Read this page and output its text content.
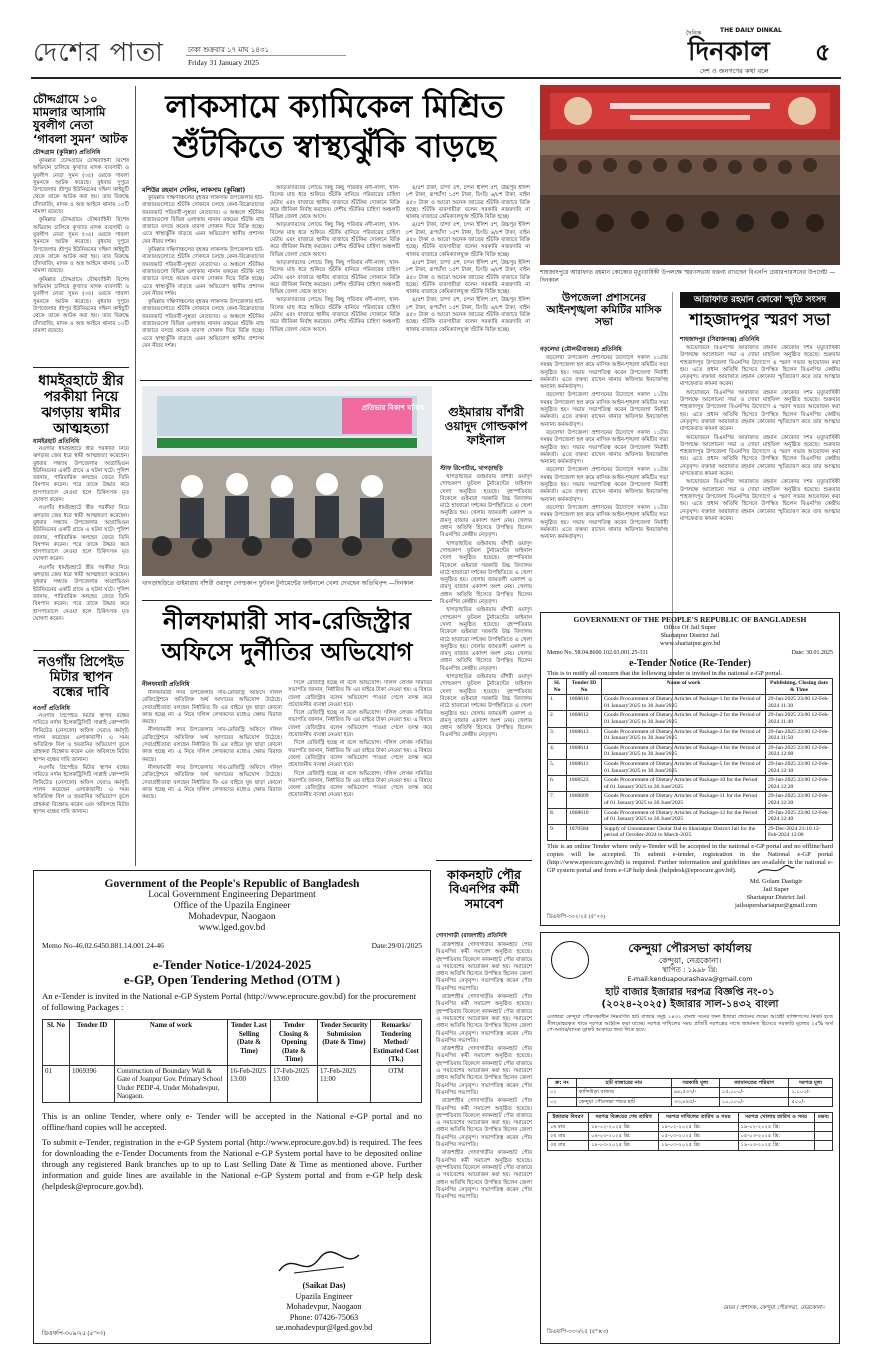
দেশের পাতা	ঢাকা শুক্রবার ১৭ মাঘ ১৪৩১
Friday 31 January 2025
দৈনিক	THE DAILY DINKAL
দিনকাল
দেশ ও জনগণের কথা বলে
৫
চৌদ্দগ্রামে ১০ মামলার আসামি যুবলীগ নেতা ‘গাবলা সুমন’ আটক
চৌদ্দগ্রাম (কুমিল্লা) প্রতিনিধি

কুমিল্লার চৌদ্দগ্রামে যৌথবাহিনী বিশেষ অভিযান চালিয়ে কুখ্যাত মাদক ব্যবসায়ী ও যুবলীগ নেতা সুমন (৩৫) ওরফে গাবলা সুমনকে আটক করেছে। বুধবার দুপুরে উপজেলার শ্রীপুর ইউনিয়নের দক্ষিণ কাইছুটি থেকে তাকে আটক করা হয়। তার বিরুদ্ধে চাঁদাবাজি, মাদক ও অস্ত্র আইনে থানায় ১০টি মামলা রয়েছে।

কুমিল্লার চৌদ্দগ্রামে যৌথবাহিনী বিশেষ অভিযান চালিয়ে কুখ্যাত মাদক ব্যবসায়ী ও যুবলীগ নেতা সুমন (৩৫) ওরফে গাবলা সুমনকে আটক করেছে। বুধবার দুপুরে উপজেলার শ্রীপুর ইউনিয়নের দক্ষিণ কাইছুটি থেকে তাকে আটক করা হয়। তার বিরুদ্ধে চাঁদাবাজি, মাদক ও অস্ত্র আইনে থানায় ১০টি মামলা রয়েছে।

কুমিল্লার চৌদ্দগ্রামে যৌথবাহিনী বিশেষ অভিযান চালিয়ে কুখ্যাত মাদক ব্যবসায়ী ও যুবলীগ নেতা সুমন (৩৫) ওরফে গাবলা সুমনকে আটক করেছে। বুধবার দুপুরে উপজেলার শ্রীপুর ইউনিয়নের দক্ষিণ কাইছুটি থেকে তাকে আটক করা হয়। তার বিরুদ্ধে চাঁদাবাজি, মাদক ও অস্ত্র আইনে থানায় ১০টি মামলা রয়েছে।

ধামইরহাটে স্ত্রীর পরকীয়া নিয়ে ঝগড়ায় স্বামীর আত্মহত্যা
ধামইরহাট প্রতিনিধি

নওগাঁর ধামইরহাটে স্ত্রীর পরকীয়া নিয়ে ঝগড়ার জের ধরে স্বামী আত্মহত্যা করেছেন। বুধবার সন্ধ্যায় উপজেলার আগ্রাদ্বিগুন ইউনিয়নের একটি গ্রামে এ ঘটনা ঘটে। পুলিশ জানায়, পারিবারিক কলহের জেরে তিনি বিষপান করেন। পরে তাকে উদ্ধার করে হাসপাতালে নেওয়া হলে চিকিৎসক মৃত ঘোষণা করেন।

নওগাঁর ধামইরহাটে স্ত্রীর পরকীয়া নিয়ে ঝগড়ার জের ধরে স্বামী আত্মহত্যা করেছেন। বুধবার সন্ধ্যায় উপজেলার আগ্রাদ্বিগুন ইউনিয়নের একটি গ্রামে এ ঘটনা ঘটে। পুলিশ জানায়, পারিবারিক কলহের জেরে তিনি বিষপান করেন। পরে তাকে উদ্ধার করে হাসপাতালে নেওয়া হলে চিকিৎসক মৃত ঘোষণা করেন।

নওগাঁর ধামইরহাটে স্ত্রীর পরকীয়া নিয়ে ঝগড়ার জের ধরে স্বামী আত্মহত্যা করেছেন। বুধবার সন্ধ্যায় উপজেলার আগ্রাদ্বিগুন ইউনিয়নের একটি গ্রামে এ ঘটনা ঘটে। পুলিশ জানায়, পারিবারিক কলহের জেরে তিনি বিষপান করেন। পরে তাকে উদ্ধার করে হাসপাতালে নেওয়া হলে চিকিৎসক মৃত ঘোষণা করেন।

নওগাঁয় প্রিপেইড মিটার স্থাপন বন্ধের দাবি
নওগাঁ প্রতিনিধি

নওগাঁয় প্রিপেইড মিটার স্থাপন বন্ধের দাবিতে নর্দান ইলেকট্রিসিটি সাপ্লাই কোম্পানি লিমিটেড (নেসকো) অফিস ঘেরাও কর্মসূচি পালন করেছেন এলাকাবাসী। এ সময় অতিরিক্ত বিল ও হয়রানির অভিযোগ তুলে গ্রাহকরা বিক্ষোভ করেন এবং অবিলম্বে মিটার স্থাপন বন্ধের দাবি জানান।

নওগাঁয় প্রিপেইড মিটার স্থাপন বন্ধের দাবিতে নর্দান ইলেকট্রিসিটি সাপ্লাই কোম্পানি লিমিটেড (নেসকো) অফিস ঘেরাও কর্মসূচি পালন করেছেন এলাকাবাসী। এ সময় অতিরিক্ত বিল ও হয়রানির অভিযোগ তুলে গ্রাহকরা বিক্ষোভ করেন এবং অবিলম্বে মিটার স্থাপন বন্ধের দাবি জানান।

লাকসামে ক্যামিকেল মিশ্রিত
শুঁটকিতে স্বাস্থ্যঝুঁকি বাড়ছে
মশিউর রহমান সেলিম, লাকসাম (কুমিল্লা)

কুমিল্লার দক্ষিণাঞ্চলের বৃহত্তর লাকসাম উপজেলার হাট-বাজারগুলোতে শুঁটকি দোকানে চলছে কেনা-বিক্রেতাদের জমজমাট পরিবর্তী-সুস্থতা নেতাদের। এ অঞ্চলে শুঁটকির বাজারগুলো বিভিন্ন এলাকায় নানান রকমের শুঁটকি মাছ বাজারে বসছে কয়েক ব্যবসা দোকান দিয়ে বিক্রি হচ্ছে। এতে স্বাস্থ্যঝুঁকি বাড়ছে এমন অভিযোগ স্থানীয় প্রশাসন যেন নীরব দর্শক।

কুমিল্লার দক্ষিণাঞ্চলের বৃহত্তর লাকসাম উপজেলার হাট-বাজারগুলোতে শুঁটকি দোকানে চলছে কেনা-বিক্রেতাদের জমজমাট পরিবর্তী-সুস্থতা নেতাদের। এ অঞ্চলে শুঁটকির বাজারগুলো বিভিন্ন এলাকায় নানান রকমের শুঁটকি মাছ বাজারে বসছে কয়েক ব্যবসা দোকান দিয়ে বিক্রি হচ্ছে। এতে স্বাস্থ্যঝুঁকি বাড়ছে এমন অভিযোগ স্থানীয় প্রশাসন যেন নীরব দর্শক।

কুমিল্লার দক্ষিণাঞ্চলের বৃহত্তর লাকসাম উপজেলার হাট-বাজারগুলোতে শুঁটকি দোকানে চলছে কেনা-বিক্রেতাদের জমজমাট পরিবর্তী-সুস্থতা নেতাদের। এ অঞ্চলে শুঁটকির বাজারগুলো বিভিন্ন এলাকায় নানান রকমের শুঁটকি মাছ বাজারে বসছে কয়েক ব্যবসা দোকান দিয়ে বিক্রি হচ্ছে। এতে স্বাস্থ্যঝুঁকি বাড়ছে এমন অভিযোগ স্থানীয় প্রশাসন যেন নীরব দর্শক।

আড়তদারদের লোভে কিছু কিছু পরিবার নদী-নালা, খাল-বিলের মাছ ধরে শুকিয়ে শুঁটকি বানিয়ে পরিবারের চাহিদা মেটায় এবং বাজারে স্থানীয় বাজারে শুঁটকির দোকানে বিক্রি করে জীবিকা নির্বাহ করছেন। দেশীয় শুঁটকির চাহিদা অঞ্চলটি বিভিন্ন জেলা থেকে আসে।

আড়তদারদের লোভে কিছু কিছু পরিবার নদী-নালা, খাল-বিলের মাছ ধরে শুকিয়ে শুঁটকি বানিয়ে পরিবারের চাহিদা মেটায় এবং বাজারে স্থানীয় বাজারে শুঁটকির দোকানে বিক্রি করে জীবিকা নির্বাহ করছেন। দেশীয় শুঁটকির চাহিদা অঞ্চলটি বিভিন্ন জেলা থেকে আসে।

আড়তদারদের লোভে কিছু কিছু পরিবার নদী-নালা, খাল-বিলের মাছ ধরে শুকিয়ে শুঁটকি বানিয়ে পরিবারের চাহিদা মেটায় এবং বাজারে স্থানীয় বাজারে শুঁটকির দোকানে বিক্রি করে জীবিকা নির্বাহ করছেন। দেশীয় শুঁটকির চাহিদা অঞ্চলটি বিভিন্ন জেলা থেকে আসে।

আড়তদারদের লোভে কিছু কিছু পরিবার নদী-নালা, খাল-বিলের মাছ ধরে শুকিয়ে শুঁটকি বানিয়ে পরিবারের চাহিদা মেটায় এবং বাজারে স্থানীয় বাজারে শুঁটকির দোকানে বিক্রি করে জীবিকা নির্বাহ করছেন। দেশীয় শুঁটকির চাহিদা অঞ্চলটি বিভিন্ন জেলা থেকে আসে।

৪/৫শ টাকা, চান্দা ৫শ, চন্দন ইলিশ ৫শ, উচ্চপুর ইলিশ ৮শ টাকা, রূপচাঁদা ১৫শ টাকা, চিংড়ি ৬/৮শ টাকা, বাইন ৪৫০ টাকা ও আরো অনেক জাতের শুঁটকি বাজারে বিক্রি হচ্ছে। শুঁটকি ব্যবসায়ীরা বলেন সরকারি নজরদারি না থাকায় বাজারে কেমিক্যালযুক্ত শুঁটকি বিক্রি হচ্ছে।

৪/৫শ টাকা, চান্দা ৫শ, চন্দন ইলিশ ৫শ, উচ্চপুর ইলিশ ৮শ টাকা, রূপচাঁদা ১৫শ টাকা, চিংড়ি ৬/৮শ টাকা, বাইন ৪৫০ টাকা ও আরো অনেক জাতের শুঁটকি বাজারে বিক্রি হচ্ছে। শুঁটকি ব্যবসায়ীরা বলেন সরকারি নজরদারি না থাকায় বাজারে কেমিক্যালযুক্ত শুঁটকি বিক্রি হচ্ছে।

৪/৫শ টাকা, চান্দা ৫শ, চন্দন ইলিশ ৫শ, উচ্চপুর ইলিশ ৮শ টাকা, রূপচাঁদা ১৫শ টাকা, চিংড়ি ৬/৮শ টাকা, বাইন ৪৫০ টাকা ও আরো অনেক জাতের শুঁটকি বাজারে বিক্রি হচ্ছে। শুঁটকি ব্যবসায়ীরা বলেন সরকারি নজরদারি না থাকায় বাজারে কেমিক্যালযুক্ত শুঁটকি বিক্রি হচ্ছে।

৪/৫শ টাকা, চান্দা ৫শ, চন্দন ইলিশ ৫শ, উচ্চপুর ইলিশ ৮শ টাকা, রূপচাঁদা ১৫শ টাকা, চিংড়ি ৬/৮শ টাকা, বাইন ৪৫০ টাকা ও আরো অনেক জাতের শুঁটকি বাজারে বিক্রি হচ্ছে। শুঁটকি ব্যবসায়ীরা বলেন সরকারি নজরদারি না থাকায় বাজারে কেমিক্যালযুক্ত শুঁটকি বিক্রি হচ্ছে।

শাহজাদপুরে আরাফাত রহমান কোকোর মৃত্যুবার্ষিকী উপলক্ষে স্মরণসভায় বক্তব্য রাখছেন বিএনপি চেয়ারপারসনের উপদেষ্টা —দিনকাল
উপজেলা প্রশাসনের আইনশৃঙ্খলা কমিটির মাসিক সভা
বড়লেখা (মৌলভীবাজার) প্রতিনিধি

বড়লেখা উপজেলা প্রশাসনের উদ্যোগে সকাল ১১টায় সমন্বয় উপজেলা হল রুমে মাসিক আইন-শৃঙ্খলা কমিটির সভা অনুষ্ঠিত হয়। সভায় সভাপতিত্ব করেন উপজেলা নির্বাহী কর্মকর্তা। এতে বক্তব্য রাখেন থানার অফিসার ইনচার্জসহ অন্যান্য কর্মকর্তাবৃন্দ।

বড়লেখা উপজেলা প্রশাসনের উদ্যোগে সকাল ১১টায় সমন্বয় উপজেলা হল রুমে মাসিক আইন-শৃঙ্খলা কমিটির সভা অনুষ্ঠিত হয়। সভায় সভাপতিত্ব করেন উপজেলা নির্বাহী কর্মকর্তা। এতে বক্তব্য রাখেন থানার অফিসার ইনচার্জসহ অন্যান্য কর্মকর্তাবৃন্দ।

বড়লেখা উপজেলা প্রশাসনের উদ্যোগে সকাল ১১টায় সমন্বয় উপজেলা হল রুমে মাসিক আইন-শৃঙ্খলা কমিটির সভা অনুষ্ঠিত হয়। সভায় সভাপতিত্ব করেন উপজেলা নির্বাহী কর্মকর্তা। এতে বক্তব্য রাখেন থানার অফিসার ইনচার্জসহ অন্যান্য কর্মকর্তাবৃন্দ।

বড়লেখা উপজেলা প্রশাসনের উদ্যোগে সকাল ১১টায় সমন্বয় উপজেলা হল রুমে মাসিক আইন-শৃঙ্খলা কমিটির সভা অনুষ্ঠিত হয়। সভায় সভাপতিত্ব করেন উপজেলা নির্বাহী কর্মকর্তা। এতে বক্তব্য রাখেন থানার অফিসার ইনচার্জসহ অন্যান্য কর্মকর্তাবৃন্দ।

বড়লেখা উপজেলা প্রশাসনের উদ্যোগে সকাল ১১টায় সমন্বয় উপজেলা হল রুমে মাসিক আইন-শৃঙ্খলা কমিটির সভা অনুষ্ঠিত হয়। সভায় সভাপতিত্ব করেন উপজেলা নির্বাহী কর্মকর্তা। এতে বক্তব্য রাখেন থানার অফিসার ইনচার্জসহ অন্যান্য কর্মকর্তাবৃন্দ।

আরাফাত রহমান কোকো স্মৃতি সংসদ
শাহজাদপুর স্মরণ সভা
শাহজাদপুর (সিরাজগঞ্জ) প্রতিনিধি

আয়োজনে বিএনপির আরাফাত রহমান কোকোর দশম মৃত্যুবার্ষিকী উপলক্ষে আলোচনা সভা ও দোয়া মাহফিল অনুষ্ঠিত হয়েছে। শুক্রবার শাহজাদপুর উপজেলা বিএনপির উদ্যোগে এ স্মরণ সভার আয়োজন করা হয়। এতে প্রধান অতিথি হিসেবে উপস্থিত ছিলেন বিএনপির কেন্দ্রীয় নেতৃবৃন্দ। বক্তারা আরাফাত রহমান কোকোর স্মৃতিচারণ করে তার আত্মার মাগফেরাত কামনা করেন।

আয়োজনে বিএনপির আরাফাত রহমান কোকোর দশম মৃত্যুবার্ষিকী উপলক্ষে আলোচনা সভা ও দোয়া মাহফিল অনুষ্ঠিত হয়েছে। শুক্রবার শাহজাদপুর উপজেলা বিএনপির উদ্যোগে এ স্মরণ সভার আয়োজন করা হয়। এতে প্রধান অতিথি হিসেবে উপস্থিত ছিলেন বিএনপির কেন্দ্রীয় নেতৃবৃন্দ। বক্তারা আরাফাত রহমান কোকোর স্মৃতিচারণ করে তার আত্মার মাগফেরাত কামনা করেন।

আয়োজনে বিএনপির আরাফাত রহমান কোকোর দশম মৃত্যুবার্ষিকী উপলক্ষে আলোচনা সভা ও দোয়া মাহফিল অনুষ্ঠিত হয়েছে। শুক্রবার শাহজাদপুর উপজেলা বিএনপির উদ্যোগে এ স্মরণ সভার আয়োজন করা হয়। এতে প্রধান অতিথি হিসেবে উপস্থিত ছিলেন বিএনপির কেন্দ্রীয় নেতৃবৃন্দ। বক্তারা আরাফাত রহমান কোকোর স্মৃতিচারণ করে তার আত্মার মাগফেরাত কামনা করেন।

আয়োজনে বিএনপির আরাফাত রহমান কোকোর দশম মৃত্যুবার্ষিকী উপলক্ষে আলোচনা সভা ও দোয়া মাহফিল অনুষ্ঠিত হয়েছে। শুক্রবার শাহজাদপুর উপজেলা বিএনপির উদ্যোগে এ স্মরণ সভার আয়োজন করা হয়। এতে প্রধান অতিথি হিসেবে উপস্থিত ছিলেন বিএনপির কেন্দ্রীয় নেতৃবৃন্দ। বক্তারা আরাফাত রহমান কোকোর স্মৃতিচারণ করে তার আত্মার মাগফেরাত কামনা করেন।

প্রতিভার বিকাশ ঘটাবে
খাগড়াছড়িতে গুইমারায় বাঁশরী ওয়াদুদ গোল্ডকাপ ফুটবল টুর্নামেন্টের ফাইনালে খেলা দেখছেন অতিথিবৃন্দ —দিনকাল
গুইমারায় বাঁশরী ওয়াদুদ গোল্ডকাপ ফাইনাল
স্টাফ রিপোর্টার, খাগড়াছড়ি

খাগড়াছড়ির গুইমারায় বাঁশরী ওয়াদুদ গোল্ডকাপ ফুটবল টুর্নামেন্টের ফাইনাল খেলা অনুষ্ঠিত হয়েছে। বৃহস্পতিবার বিকেলে গুইমারা সরকারি উচ্চ বিদ্যালয় মাঠে হাজারো দর্শকের উপস্থিতিতে এ খেলা অনুষ্ঠিত হয়। খেলায় জামতলী একাদশ ও রামসু বাজার একাদশ অংশ নেয়। খেলায় প্রধান অতিথি হিসেবে উপস্থিত ছিলেন বিএনপির কেন্দ্রীয় নেতৃবৃন্দ।

খাগড়াছড়ির গুইমারায় বাঁশরী ওয়াদুদ গোল্ডকাপ ফুটবল টুর্নামেন্টের ফাইনাল খেলা অনুষ্ঠিত হয়েছে। বৃহস্পতিবার বিকেলে গুইমারা সরকারি উচ্চ বিদ্যালয় মাঠে হাজারো দর্শকের উপস্থিতিতে এ খেলা অনুষ্ঠিত হয়। খেলায় জামতলী একাদশ ও রামসু বাজার একাদশ অংশ নেয়। খেলায় প্রধান অতিথি হিসেবে উপস্থিত ছিলেন বিএনপির কেন্দ্রীয় নেতৃবৃন্দ।

খাগড়াছড়ির গুইমারায় বাঁশরী ওয়াদুদ গোল্ডকাপ ফুটবল টুর্নামেন্টের ফাইনাল খেলা অনুষ্ঠিত হয়েছে। বৃহস্পতিবার বিকেলে গুইমারা সরকারি উচ্চ বিদ্যালয় মাঠে হাজারো দর্শকের উপস্থিতিতে এ খেলা অনুষ্ঠিত হয়। খেলায় জামতলী একাদশ ও রামসু বাজার একাদশ অংশ নেয়। খেলায় প্রধান অতিথি হিসেবে উপস্থিত ছিলেন বিএনপির কেন্দ্রীয় নেতৃবৃন্দ।

খাগড়াছড়ির গুইমারায় বাঁশরী ওয়াদুদ গোল্ডকাপ ফুটবল টুর্নামেন্টের ফাইনাল খেলা অনুষ্ঠিত হয়েছে। বৃহস্পতিবার বিকেলে গুইমারা সরকারি উচ্চ বিদ্যালয় মাঠে হাজারো দর্শকের উপস্থিতিতে এ খেলা অনুষ্ঠিত হয়। খেলায় জামতলী একাদশ ও রামসু বাজার একাদশ অংশ নেয়। খেলায় প্রধান অতিথি হিসেবে উপস্থিত ছিলেন বিএনপির কেন্দ্রীয় নেতৃবৃন্দ।

নীলফামারী সাব-রেজিস্ট্রার
অফিসে দুর্নীতির অভিযোগ
নীলফামারী প্রতিনিধি

নীলফামারী সদর উপজেলার সাব-রেজিস্ট্রি অফিসে দলিল রেজিস্ট্রেশনে অতিরিক্ত অর্থ আদায়ের অভিযোগ উঠেছে। সেবাগ্রহীতারা বলছেন নির্ধারিত ফি এর বাইরে ঘুষ ছাড়া কোনো কাজ হচ্ছে না। এ নিয়ে দলিল লেখকদের মধ্যেও ক্ষোভ বিরাজ করছে।

নীলফামারী সদর উপজেলার সাব-রেজিস্ট্রি অফিসে দলিল রেজিস্ট্রেশনে অতিরিক্ত অর্থ আদায়ের অভিযোগ উঠেছে। সেবাগ্রহীতারা বলছেন নির্ধারিত ফি এর বাইরে ঘুষ ছাড়া কোনো কাজ হচ্ছে না। এ নিয়ে দলিল লেখকদের মধ্যেও ক্ষোভ বিরাজ করছে।

নীলফামারী সদর উপজেলার সাব-রেজিস্ট্রি অফিসে দলিল রেজিস্ট্রেশনে অতিরিক্ত অর্থ আদায়ের অভিযোগ উঠেছে। সেবাগ্রহীতারা বলছেন নির্ধারিত ফি এর বাইরে ঘুষ ছাড়া কোনো কাজ হচ্ছে না। এ নিয়ে দলিল লেখকদের মধ্যেও ক্ষোভ বিরাজ করছে।

দিলে রেজিস্ট্রি হচ্ছে না বলে অভিযোগ। দলিল লেখক সমিতির সভাপতি জানান, নির্ধারিত ফি এর বাইরে টাকা নেওয়া হয়। এ বিষয়ে জেলা রেজিস্ট্রার বলেন অভিযোগ পাওয়া গেলে তদন্ত করে প্রয়োজনীয় ব্যবস্থা নেওয়া হবে।

দিলে রেজিস্ট্রি হচ্ছে না বলে অভিযোগ। দলিল লেখক সমিতির সভাপতি জানান, নির্ধারিত ফি এর বাইরে টাকা নেওয়া হয়। এ বিষয়ে জেলা রেজিস্ট্রার বলেন অভিযোগ পাওয়া গেলে তদন্ত করে প্রয়োজনীয় ব্যবস্থা নেওয়া হবে।

দিলে রেজিস্ট্রি হচ্ছে না বলে অভিযোগ। দলিল লেখক সমিতির সভাপতি জানান, নির্ধারিত ফি এর বাইরে টাকা নেওয়া হয়। এ বিষয়ে জেলা রেজিস্ট্রার বলেন অভিযোগ পাওয়া গেলে তদন্ত করে প্রয়োজনীয় ব্যবস্থা নেওয়া হবে।

দিলে রেজিস্ট্রি হচ্ছে না বলে অভিযোগ। দলিল লেখক সমিতির সভাপতি জানান, নির্ধারিত ফি এর বাইরে টাকা নেওয়া হয়। এ বিষয়ে জেলা রেজিস্ট্রার বলেন অভিযোগ পাওয়া গেলে তদন্ত করে প্রয়োজনীয় ব্যবস্থা নেওয়া হবে।

কাকনহাট পৌর বিএনপির কর্মী সমাবেশ
গোদাগাড়ী (রাজশাহী) প্রতিনিধি

রাজশাহীর গোদাগাড়ীর কাকনহাট পৌর বিএনপির কর্মী সমাবেশ অনুষ্ঠিত হয়েছে। বৃহস্পতিবার বিকেলে কাকনহাট পৌর বাজারে এ সমাবেশের আয়োজন করা হয়। সমাবেশে প্রধান অতিথি হিসেবে উপস্থিত ছিলেন জেলা বিএনপির নেতৃবৃন্দ। সভাপতিত্ব করেন পৌর বিএনপির সভাপতি।

রাজশাহীর গোদাগাড়ীর কাকনহাট পৌর বিএনপির কর্মী সমাবেশ অনুষ্ঠিত হয়েছে। বৃহস্পতিবার বিকেলে কাকনহাট পৌর বাজারে এ সমাবেশের আয়োজন করা হয়। সমাবেশে প্রধান অতিথি হিসেবে উপস্থিত ছিলেন জেলা বিএনপির নেতৃবৃন্দ। সভাপতিত্ব করেন পৌর বিএনপির সভাপতি।

রাজশাহীর গোদাগাড়ীর কাকনহাট পৌর বিএনপির কর্মী সমাবেশ অনুষ্ঠিত হয়েছে। বৃহস্পতিবার বিকেলে কাকনহাট পৌর বাজারে এ সমাবেশের আয়োজন করা হয়। সমাবেশে প্রধান অতিথি হিসেবে উপস্থিত ছিলেন জেলা বিএনপির নেতৃবৃন্দ। সভাপতিত্ব করেন পৌর বিএনপির সভাপতি।

রাজশাহীর গোদাগাড়ীর কাকনহাট পৌর বিএনপির কর্মী সমাবেশ অনুষ্ঠিত হয়েছে। বৃহস্পতিবার বিকেলে কাকনহাট পৌর বাজারে এ সমাবেশের আয়োজন করা হয়। সমাবেশে প্রধান অতিথি হিসেবে উপস্থিত ছিলেন জেলা বিএনপির নেতৃবৃন্দ। সভাপতিত্ব করেন পৌর বিএনপির সভাপতি।

রাজশাহীর গোদাগাড়ীর কাকনহাট পৌর বিএনপির কর্মী সমাবেশ অনুষ্ঠিত হয়েছে। বৃহস্পতিবার বিকেলে কাকনহাট পৌর বাজারে এ সমাবেশের আয়োজন করা হয়। সমাবেশে প্রধান অতিথি হিসেবে উপস্থিত ছিলেন জেলা বিএনপির নেতৃবৃন্দ। সভাপতিত্ব করেন পৌর বিএনপির সভাপতি।

Government of the People's Republic of Bangladesh
Local Government Engineering Department
Office of the Upazila Engineer
Mohadevpur, Naogaon
www.lged.gov.bd
Memo No-46.02.6450.881.14.001.24-46	Date:29/01/2025
e-Tender Notice-1/2024-2025
e-GP, Open Tendering Method (OTM )
An e-Tender is invited in the National e-GP System Portal (http://www.eprocure.gov.bd) for the procurement of following Packages :
Sl. No	Tender ID	Name of work	Tender Last Selling (Date & Time)	Tender Closing & Opening (Date & Time)	Tender Security Submission (Date & Time)	Remarks/ Tendering Method/ Estimated Cost (Tk.)
01	1069396	Construction of Boundary Wall & Gate of Joanpur Gov. Primary School Under PEDP-4, Under Mohadevpur, Naogaon.	16-Feb-2025 13:00	17-Feb-2025 13:00	17-Feb-2025 11:00	OTM
This is an online Tender, where only e- Tender will be accepted in the National e-GP portal and no offline/hard copies will be accepted.
To submit e-Tender, registration in the e-GP System portal (http://www.eprocure.gov.bd) is required. The fees for downloading the e-Tender Documents from the National e-GP System portal have to be deposited online through any registered Bank branches up to up to Last Selling Date & Time as mentioned above. Further information and guide lines are available in the National e-GP System portal and from e-GP help desk (helpdesk@eprocure.gov.bd).
(Saikat Das)
Upazila Engineer
Mohadevpur, Naogaon
Phone: 07426-75063
ue.mohadevpur@lged.gov.bd
ডিএফপি-৩০৯/২৫ (৫"×৩)
GOVERNMENT OF THE PEOPLE'S REPUBLIC OF BANGLADESH
Office Of Jail Super
Shariatpur District Jail
www.shariatpur.gov.bd
Memo No. 58.04.8600.102.03.001.25-311	Date: 30.01.2025
e-Tender Notice (Re-Tender)
This is to notify all concern that the following tender is invited in the national e-GP portal.
Sl. No	Tender ID No	Name of work	Publishing, Closing date & Time
1.	1068616	Goods Procurement of Dietary Articles of Package-1 for the Period of 01 January'2025 to 30 June'2025	29-Jan-2025 23:00 12-Feb-2024 11:30
2.	1068612	Goods Procurement of Dietary Articles of Package-2 for the Period of 01 January'2025 to 30 June'2025	29-Jan-2025 23:00 12-Feb-2024 11:40
3.	1068613	Goods Procurement of Dietary Articles of Package-3 for the Period of 01 January'2025 to 30 June'2025	29-Jan-2025 23:00 12-Feb-2024 11:50
4.	1068614	Goods Procurement of Dietary Articles of Package-4 for the Period of 01 January'2025 to 30 June'2025	29-Jan-2025 23:00 12-Feb-2024 12:00
5.	1068611	Goods Procurement of Dietary Articles of Package-5 for the Period of 01 January'2025 to 30 June'2025	29-Jan-2025 23:00 12-Feb-2024 12:10
6.	1068523	Goods Procurement of Dietary Articles of Package-10 for the Period of 01 January'2025 to 30 June'2025	29-Jan-2025 23:00 12-Feb-2024 12:20
7.	1068609	Goods Procurement of Dietary Articles of Package-11 for the Period of 01 January'2025 to 30 June'2025	29-Jan-2025 23:00 12-Feb-2024 12:30
8.	1068610	Goods Procurement of Dietary Articles of Package-12 for the Period of 01 January'2025 to 30 June'2025	29-Jan-2025 23:00 12-Feb-2024 12:40
9.	1070584	Supply of Uniontanner Cholar Dal to Shariatpur District Jail for the period of October-2024 to March-2025	29-Dec-2024 23:10 12-Feb-2024 13:00
This is an online Tender where only e-Tender will be accepted in the national e-GP portal and no offline/hard copies will be accepted. To submit e-tender, registration in the National e-GP portal (http://www.eprocure.gov.bd) is required. Further information and guidelines are available in the national e-GP system portal and from e-GP help desk (helpdesk@eprocure.gov.bd).
Md. Golam Dastigir
Jail Super
Shariatpur District Jail
jailsupershariatpur@gmail.com
ডিএফপি-৩০২/২৫ (৫"×৩)
কেন্দুয়া পৌরসভা কার্যালয়
কেন্দুয়া, নেত্রকোনা।
স্থাপিত : ১৯৯৮ খ্রি:
E-mail:kenduapourashava@gmail.com
হাট বাজার ইজারার দরপত্র বিজ্ঞপ্তি নং-০১
(২০২৪-২০২৫) ইজারার সাল-১৪৩২ বাংলা
এতদ্বারা কেন্দুয়া পৌরসভাধীন নিম্নবর্ণিত হাট বাজার সমূহ ১৪৩২ বাংলা সনের জন্য ইজারা প্রদানের লক্ষ্যে আগ্রহী ব্যক্তিগণের নিকট হতে সীলমোহরকৃত খামে দরপত্র আহ্বান করা যাচ্ছে। দরপত্র দাখিলের সময় প্রতিটি দরপত্রের সাথে জামানত হিসেবে সরকারি মূল্যের ২৫% অর্থ পে-অর্ডার/ব্যাংক ড্রাফট আকারে জমা দিতে হবে।
ক্র: নং	হাট বাজারের নাম	সরকারি মূল্য	জামানতের পরিমাণ	দরপত্র মূল্য
০১	কান্দিউড়া বাজার	৯৮,৫৩৭/-	১৫,০০০/-	১,০০০/-
০২	কেন্দুয়া পৌরসভা পশুর হাট	৩৩,৮৪৫/-	১০,০০০/-	৫০০/-
ইজারার বিবরণ	দরপত্র বিক্রয়ের শেষ তারিখ	দরপত্র দাখিলের তারিখ ও সময়	দরপত্র খোলার তারিখ ও সময়	মন্তব্য
১ম বার	১৮-০২-২০২৫ খ্রি:	১৯-০২-২০২৫ খ্রি:	১৯-০২-২০২৫ খ্রি:	
২য় বার	০৪-০৩-২০২৫ খ্রি:	০৫-০৩-২০২৫ খ্রি:	০৫-০৩-২০২৫ খ্রি:	
৩য় বার	১৮-০৩-২০২৫ খ্রি:	১৯-০৩-২০২৫ খ্রি:	১৯-০৩-২০২৫ খ্রি:	
মেয়র / প্রশাসক, কেন্দুয়া পৌরসভা, নেত্রকোনা।
ডিএফপি-৩০৩/২৫ (৫"×৩)
